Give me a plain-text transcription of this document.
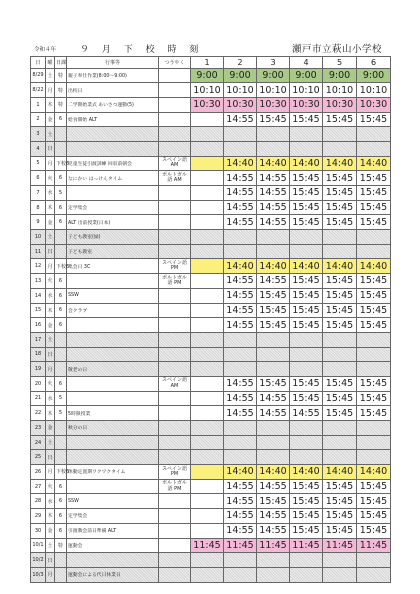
令和４年	９ 月 下 校 時 刻	瀬戸市立萩山小学校
日	曜	日課	行事等	つうやく	1	2	3	4	5	6
8/29	土	特	親子奉仕作業(8:00～9:00)		9:00	9:00	9:00	9:00	9:00	9:00
8/22	月	特	出校日		10:10	10:10	10:10	10:10	10:10	10:10
1	木	特	二学期始業式 あいさつ運動(5)		10:30	10:30	10:30	10:30	10:30	10:30
2	金	6	給食開始 ALT			14:55	15:45	15:45	15:45	15:45
3	土									
4	日									
5	月	下校6	児童生徒引渡訓練 回収前朝会	スペイン語 AM		14:40	14:40	14:40	14:40	14:40
6	火	6	なにかい はっけんタイム	ポルトガル語 AM		14:55	14:55	15:45	15:45	15:45
7	水	5				14:55	14:55	15:45	15:45	15:45
8	木	6	定学集会			14:55	14:55	15:45	15:45	15:45
9	金	6	ALT 出前授業(日本)			14:55	14:55	15:45	15:45	15:45
10	土		子ども教室(緑)							
11	日		子ども教室							
12	月	下校6	集会日 3C	スペイン語 PM		14:40	14:40	14:40	14:40	14:40
13	火	6		ポルトガル語 PM		14:55	14:55	15:45	15:45	15:45
14	水	6	SSW			14:55	15:45	15:45	15:45	15:45
15	木	6	会クラブ			14:55	15:45	15:45	15:45	15:45
16	金	6				14:55	15:45	15:45	15:45	15:45
17	土									
18	日									
19	月		敬老の日							
20	火	6		スペイン語 AM		14:55	15:45	15:45	15:45	15:45
21	水	5				14:55	14:55	15:45	15:45	15:45
22	木	5	5時限授業			14:55	14:55	14:55	15:45	15:45
23	金		秋分の日							
24	土									
25	日									
26	月	下校6	体動定置期ワクワクタイム	スペイン語 PM		14:40	14:40	14:40	14:40	14:40
27	火	6		ポルトガル語 PM		14:55	14:55	15:45	15:45	15:45
28	水	6	SSW			14:55	15:45	15:45	15:45	15:45
29	木	6	定学集会			14:55	14:55	15:45	15:45	15:45
30	金	6	引渡教会前日準備 ALT			14:55	14:55	15:45	15:45	15:45
10/1	土	特	運動会		11:45	11:45	11:45	11:45	11:45	11:45
10/2	日									
10/3	月		運動会による代日休業日							
